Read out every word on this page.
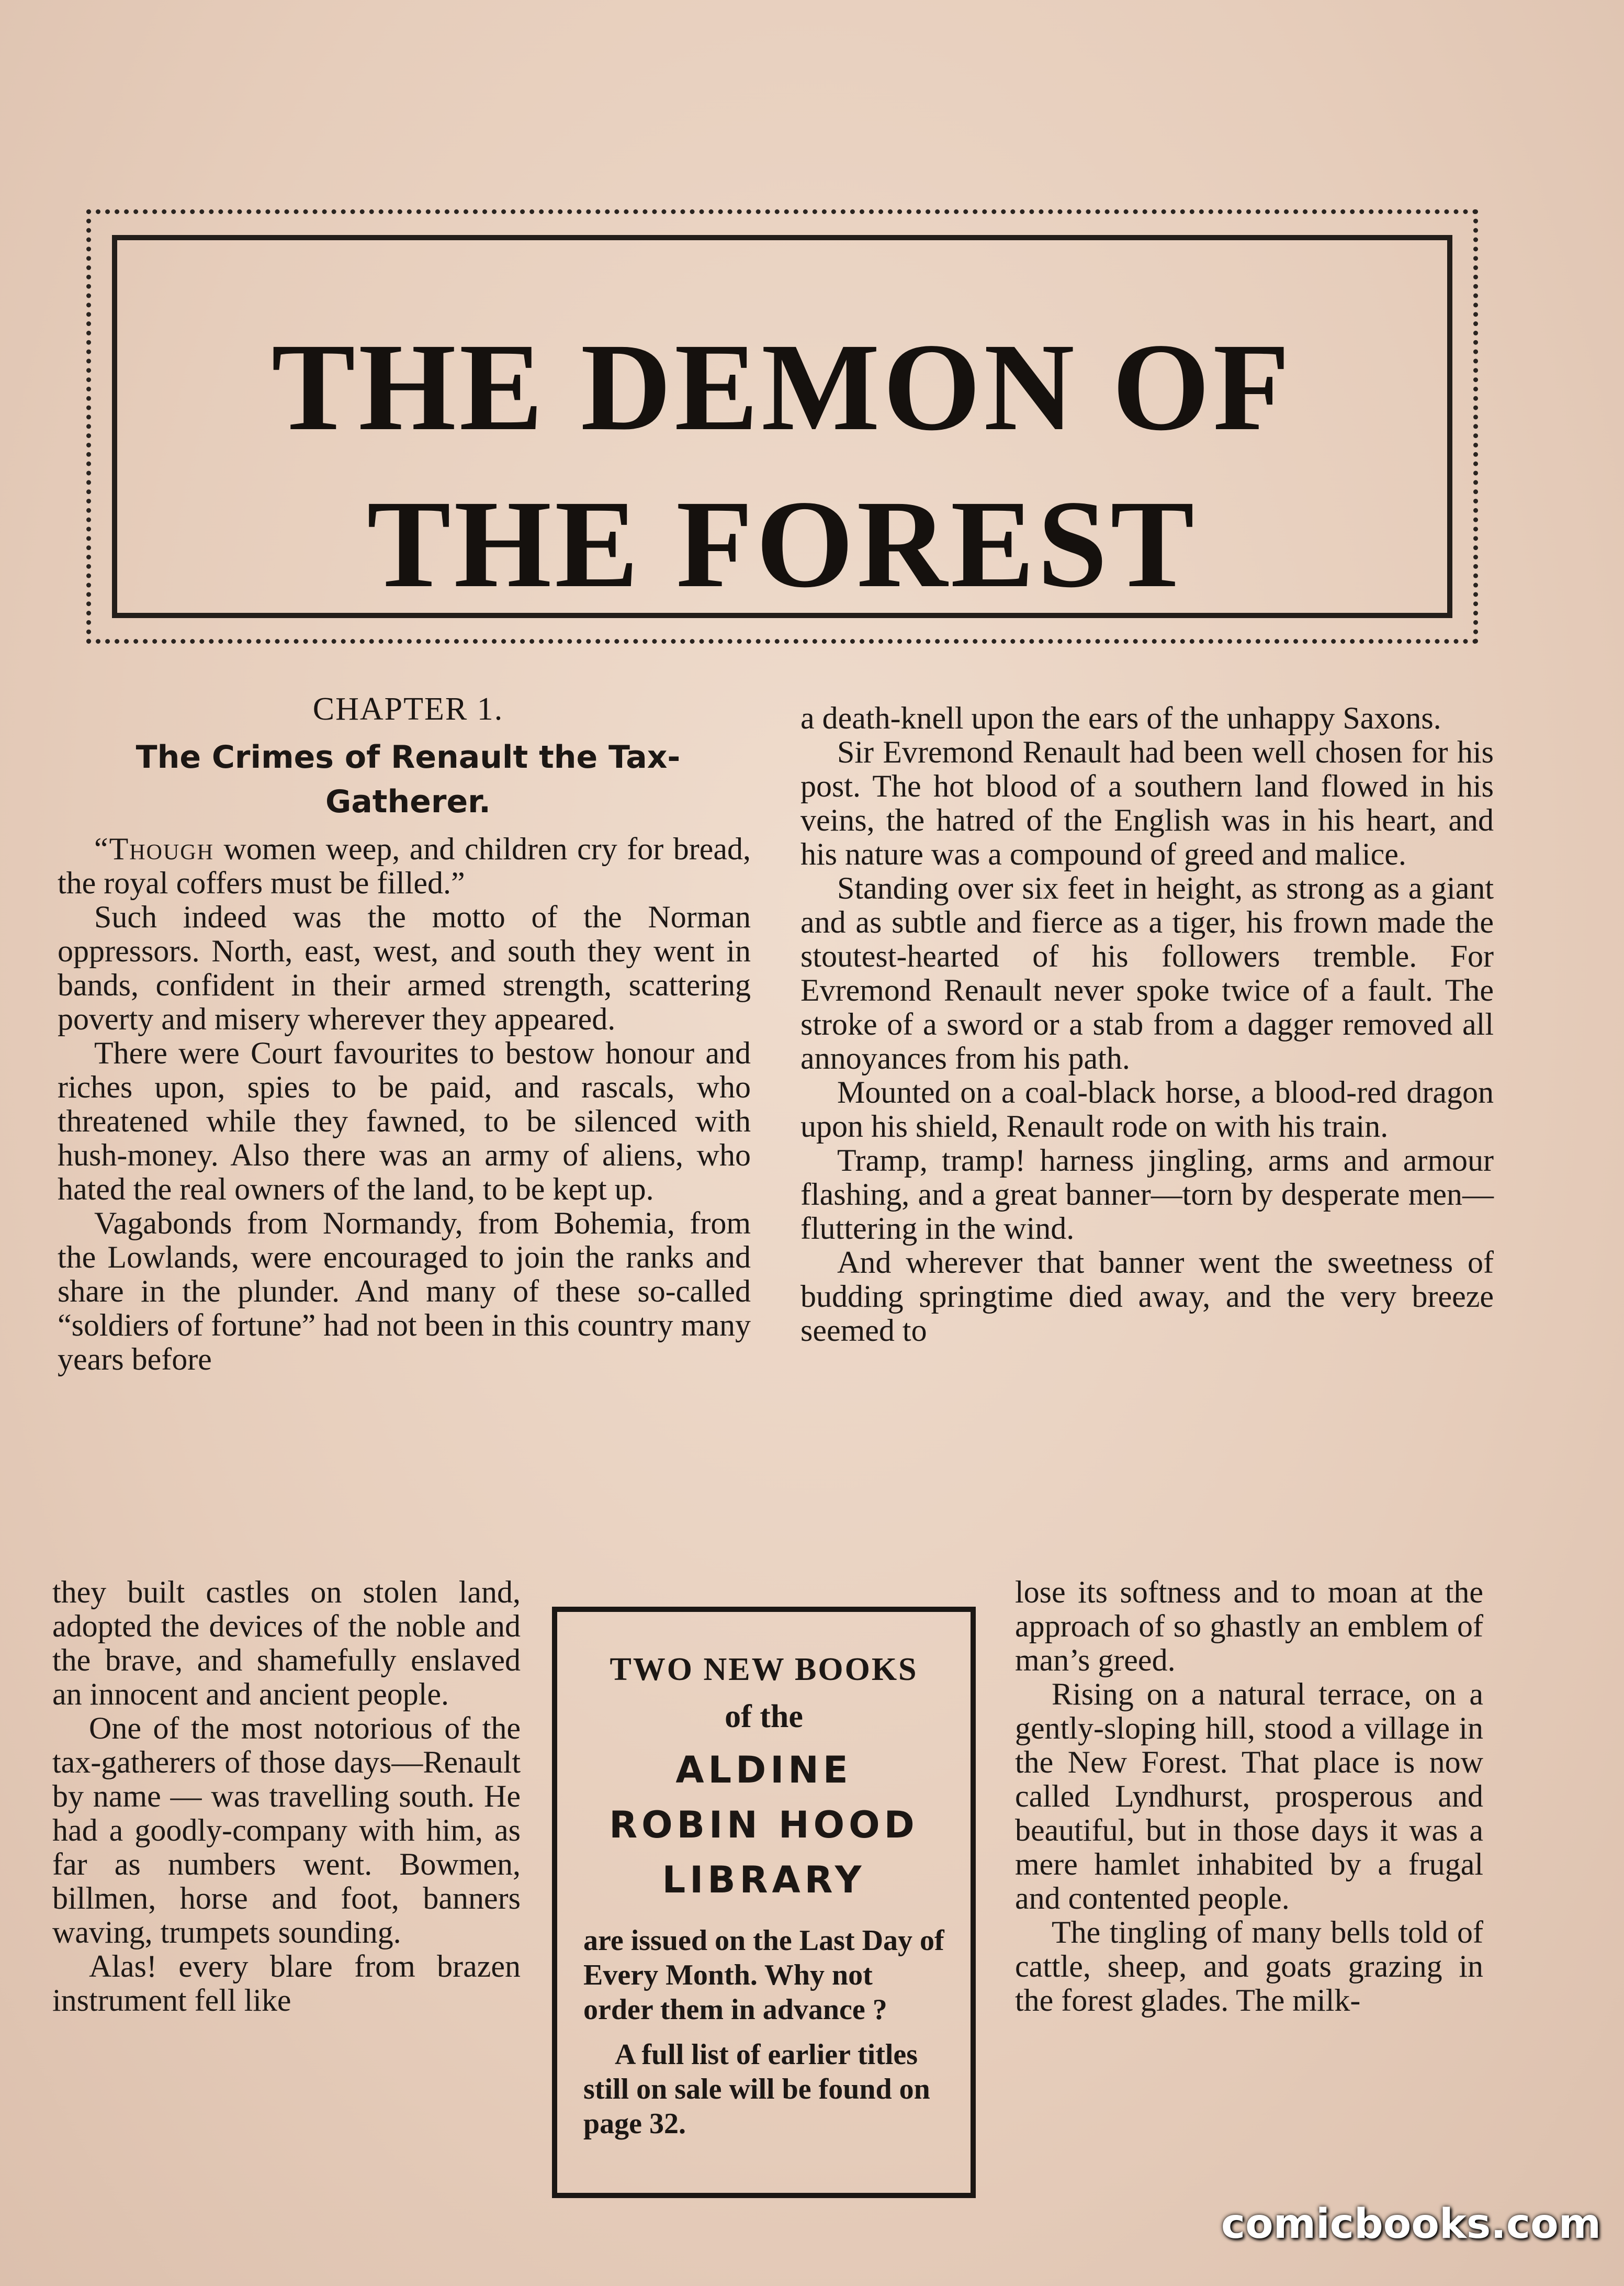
THE DEMON OF
THE FOREST
CHAPTER 1.
The Crimes of Renault the Tax-Gatherer.

“Though women weep, and children cry for bread, the royal coffers must be filled.”

Such indeed was the motto of the Norman oppressors. North, east, west, and south they went in bands, confident in their armed strength, scattering poverty and misery wherever they appeared.

There were Court favourites to bestow honour and riches upon, spies to be paid, and rascals, who threatened while they fawned, to be silenced with hush-money. Also there was an army of aliens, who hated the real owners of the land, to be kept up.

Vagabonds from Normandy, from Bohemia, from the Lowlands, were encouraged to join the ranks and share in the plunder. And many of these so-called “soldiers of fortune” had not been in this country many years before

they built castles on stolen land, adopted the devices of the noble and the brave, and shamefully enslaved an innocent and ancient people.

One of the most notorious of the tax-gatherers of those days—Renault by name — was travelling south. He had a goodly-company with him, as far as numbers went. Bowmen, billmen, horse and foot, banners waving, trumpets sounding.

Alas! every blare from brazen instrument fell like

a death-knell upon the ears of the unhappy Saxons.

Sir Evremond Renault had been well chosen for his post. The hot blood of a southern land flowed in his veins, the hatred of the English was in his heart, and his nature was a compound of greed and malice.

Standing over six feet in height, as strong as a giant and as subtle and fierce as a tiger, his frown made the stoutest-hearted of his followers tremble. For Evremond Renault never spoke twice of a fault. The stroke of a sword or a stab from a dagger removed all annoyances from his path.

Mounted on a coal-black horse, a blood-red dragon upon his shield, Renault rode on with his train.

Tramp, tramp! harness jingling, arms and armour flashing, and a great banner—torn by desperate men—fluttering in the wind.

And wherever that banner went the sweetness of budding springtime died away, and the very breeze seemed to

lose its softness and to moan at the approach of so ghastly an emblem of man’s greed.

Rising on a natural terrace, on a gently-sloping hill, stood a village in the New Forest. That place is now called Lyndhurst, prosperous and beautiful, but in those days it was a mere hamlet inhabited by a frugal and contented people.

The tingling of many bells told of cattle, sheep, and goats grazing in the forest glades. The milk-

TWO NEW BOOKS
of the
ALDINE
ROBIN HOOD
LIBRARY

are issued on the Last Day of Every Month. Why not order them in advance ?

A full list of earlier titles still on sale will be found on page 32.

comicbooks.com
